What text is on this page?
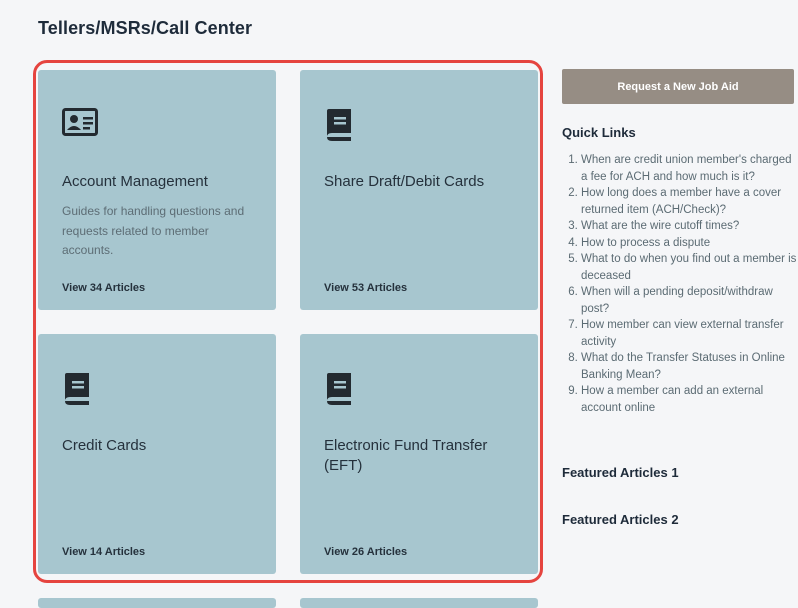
Tellers/MSRs/Call Center
Account Management
Guides for handling questions and requests related to member accounts.
View 34 Articles
Share Draft/Debit Cards
View 53 Articles
Credit Cards
View 14 Articles
Electronic Fund Transfer (EFT)
View 26 Articles
Request a New Job Aid
Quick Links
1. When are credit union member's charged a fee for ACH and how much is it?
2. How long does a member have a cover returned item (ACH/Check)?
3. What are the wire cutoff times?
4. How to process a dispute
5. What to do when you find out a member is deceased
6. When will a pending deposit/withdraw post?
7. How member can view external transfer activity
8. What do the Transfer Statuses in Online Banking Mean?
9. How a member can add an external account online
Featured Articles 1
Featured Articles 2
